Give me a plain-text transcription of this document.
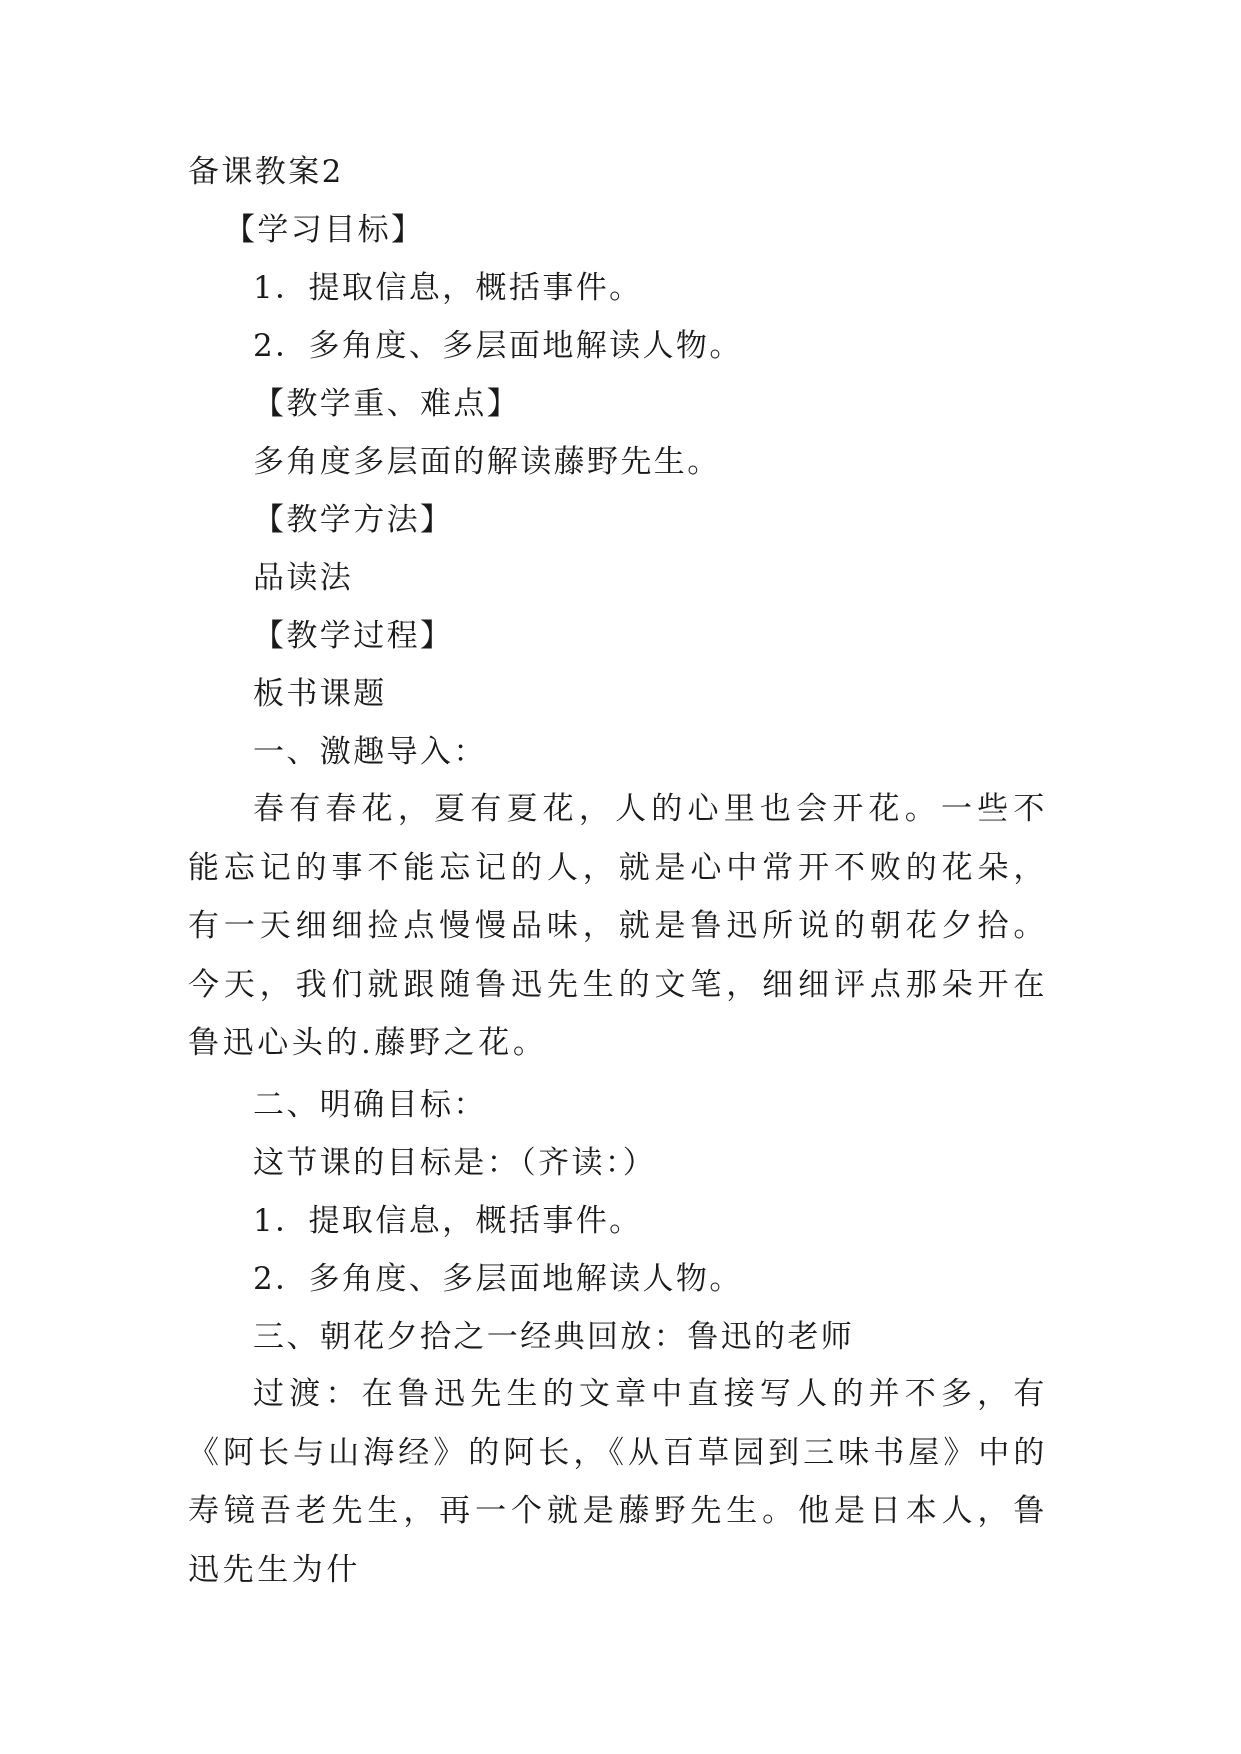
备课教案2
【学习目标】
1．提取信息，概括事件。
2．多角度、多层面地解读人物。
【教学重、难点】
多角度多层面的解读藤野先生。
【教学方法】
品读法
【教学过程】
板书课题
一、激趣导入：
春有春花，夏有夏花，人的心里也会开花。一些不能忘记的事不能忘记的人，就是心中常开不败的花朵，有一天细细捡点慢慢品味，就是鲁迅所说的朝花夕拾。今天，我们就跟随鲁迅先生的文笔，细细评点那朵开在鲁迅心头的.藤野之花。
二、明确目标：
这节课的目标是：（齐读：）
1．提取信息，概括事件。
2．多角度、多层面地解读人物。
三、朝花夕拾之一经典回放：鲁迅的老师
过渡：在鲁迅先生的文章中直接写人的并不多，有《阿长与山海经》的阿长，《从百草园到三味书屋》中的寿镜吾老先生，再一个就是藤野先生。他是日本人，鲁迅先生为什
